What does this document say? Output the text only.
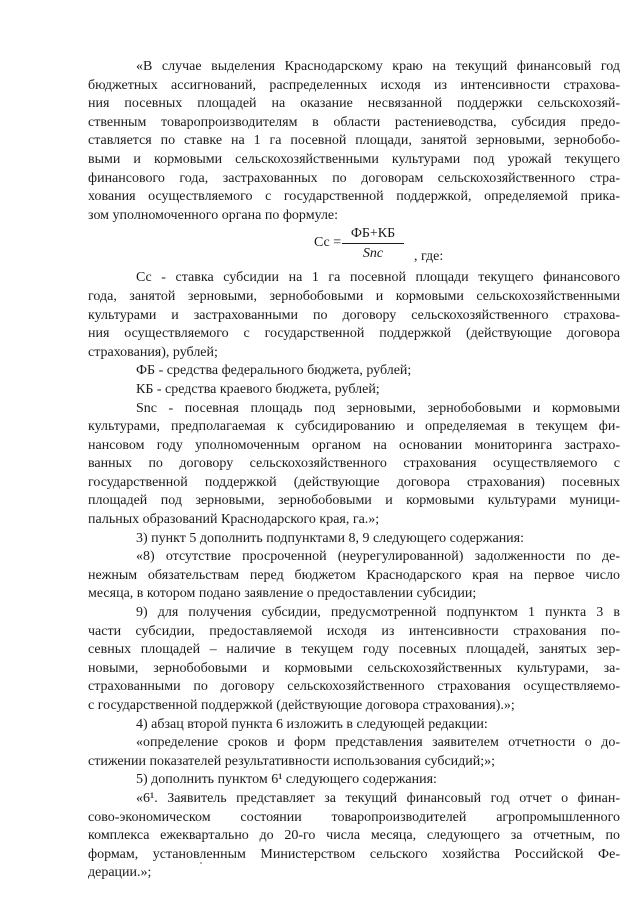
«В случае выделения Краснодарскому краю на текущий финансовый год
бюджетных ассигнований, распределенных исходя из интенсивности страхова-
ния посевных площадей на оказание несвязанной поддержки сельскохозяй-
ственным товаропроизводителям в области растениеводства, субсидия предо-
ставляется по ставке на 1 га посевной площади, занятой зерновыми, зернобобо-
выми и кормовыми сельскохозяйственными культурами под урожай текущего
финансового года, застрахованных по договорам сельскохозяйственного стра-
хования осуществляемого с государственной поддержкой, определяемой прика-
зом уполномоченного органа по формуле:
Сс =
ФБ+КБ
Snc	, где:
Сс - ставка субсидии на 1 га посевной площади текущего финансового
года, занятой зерновыми, зернобобовыми и кормовыми сельскохозяйственными
культурами и застрахованными по договору сельскохозяйственного страхова-
ния осуществляемого с государственной поддержкой (действующие договора
страхования), рублей;
ФБ - средства федерального бюджета, рублей;
КБ - средства краевого бюджета, рублей;
Snc - посевная площадь под зерновыми, зернобобовыми и кормовыми
культурами, предполагаемая к субсидированию и определяемая в текущем фи-
нансовом году уполномоченным органом на основании мониторинга застрахо-
ванных по договору сельскохозяйственного страхования осуществляемого с
государственной поддержкой (действующие договора страхования) посевных
площадей под зерновыми, зернобобовыми и кормовыми культурами муници-
пальных образований Краснодарского края, га.»;
3) пункт 5 дополнить подпунктами 8, 9 следующего содержания:
«8) отсутствие просроченной (неурегулированной) задолженности по де-
нежным обязательствам перед бюджетом Краснодарского края на первое число
месяца, в котором подано заявление о предоставлении субсидии;
9) для получения субсидии, предусмотренной подпунктом 1 пункта 3 в
части субсидии, предоставляемой исходя из интенсивности страхования по-
севных площадей – наличие в текущем году посевных площадей, занятых зер-
новыми, зернобобовыми и кормовыми сельскохозяйственных культурами, за-
страхованными по договору сельскохозяйственного страхования осуществляемо-
с государственной поддержкой (действующие договора страхования).»;
4) абзац второй пункта 6 изложить в следующей редакции:
«определение сроков и форм представления заявителем отчетности о до-
стижении показателей результативности использования субсидий;»;
5) дополнить пунктом 6¹ следующего содержания:
«6¹. Заявитель представляет за текущий финансовый год отчет о финан-
сово-экономическом состоянии товаропроизводителей агропромышленного
комплекса ежеквартально до 20-го числа месяца, следующего за отчетным, по
формам, установленным Министерством сельского хозяйства Российской Фе-
дерации.»;
